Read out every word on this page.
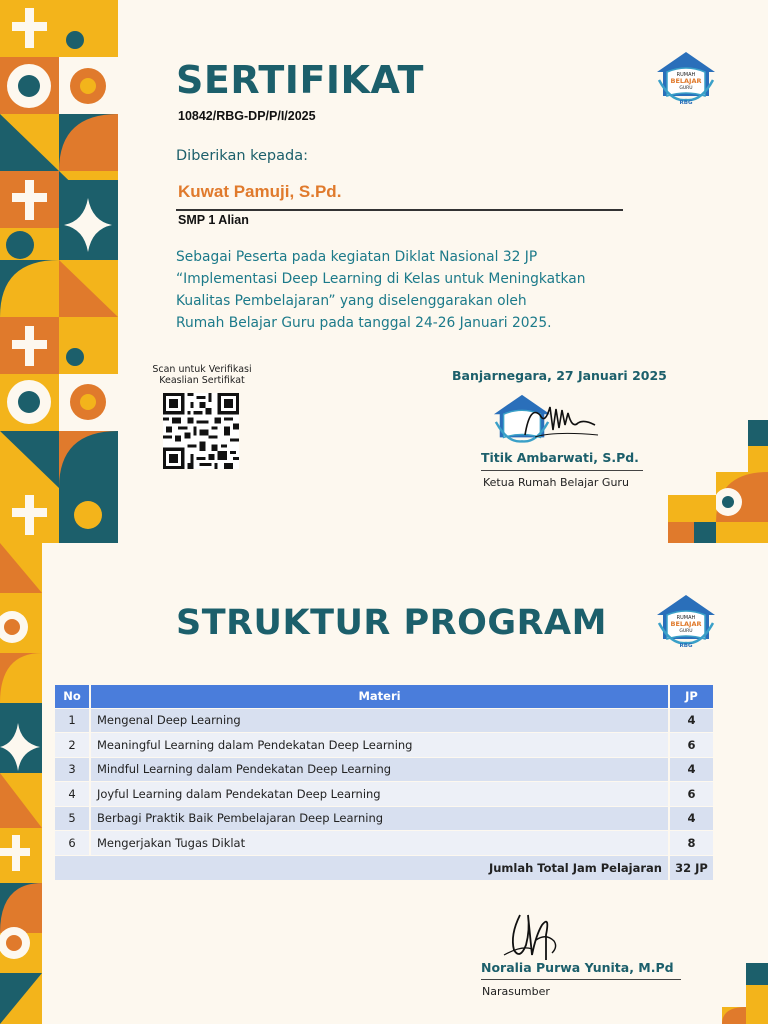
RUMAH
BELAJAR
GURU
RBG
SERTIFIKAT
10842/RBG-DP/P/I/2025
Diberikan kepada:
Kuwat Pamuji, S.Pd.
SMP 1 Alian
Sebagai Peserta pada kegiatan Diklat Nasional 32 JP
“Implementasi Deep Learning di Kelas untuk Meningkatkan
Kualitas Pembelajaran” yang diselenggarakan oleh
Rumah Belajar Guru pada tanggal 24-26 Januari 2025.
Scan untuk Verifikasi
Keaslian Sertifikat	Banjarnegara, 27 Januari 2025
Titik Ambarwati, S.Pd.
Ketua Rumah Belajar Guru
RUMAH
BELAJAR
GURU
RBG
STRUKTUR PROGRAM
No	Materi	JP
1	Mengenal Deep Learning	4
2	Meaningful Learning dalam Pendekatan Deep Learning	6
3	Mindful Learning dalam Pendekatan Deep Learning	4
4	Joyful Learning dalam Pendekatan Deep Learning	6
5	Berbagi Praktik Baik Pembelajaran Deep Learning	4
6	Mengerjakan Tugas Diklat	8
Jumlah Total Jam Pelajaran		32 JP
Noralia Purwa Yunita, M.Pd
Narasumber
